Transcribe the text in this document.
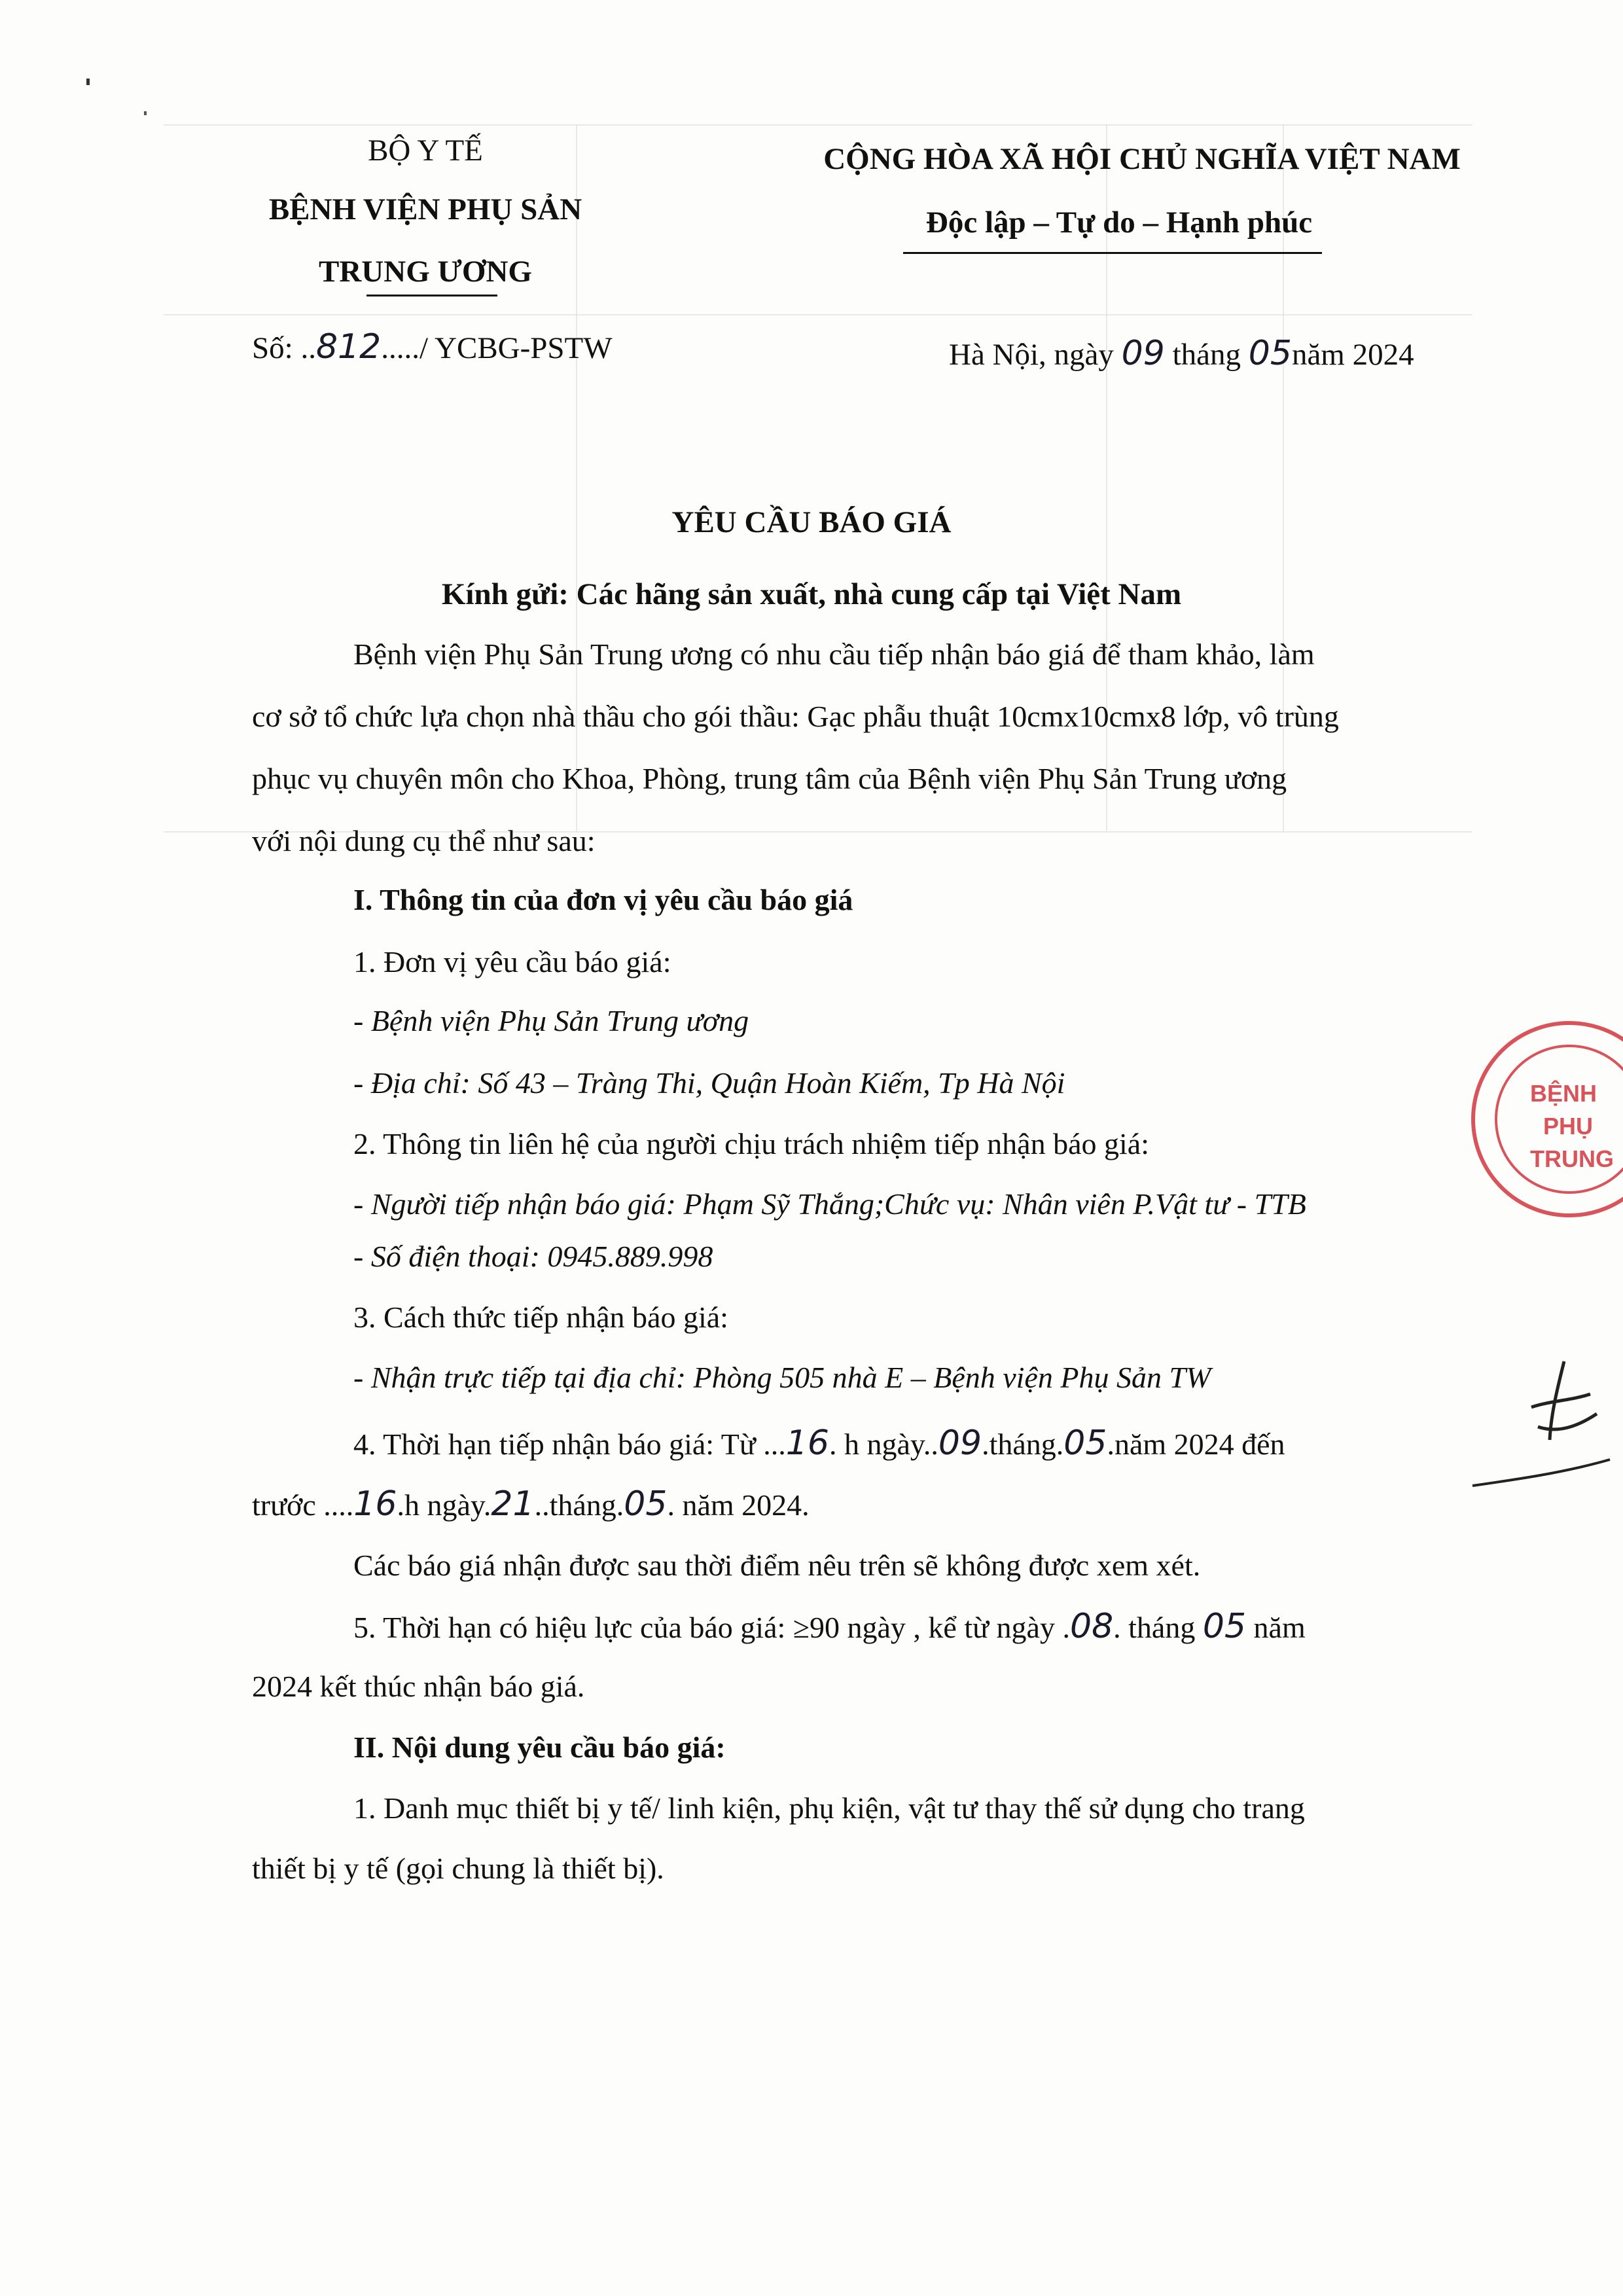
BỘ Y TẾ
BỆNH VIỆN PHỤ SẢN
TRUNG ƯƠNG
Số: ..812...../ YCBG-PSTW
CỘNG HÒA XÃ HỘI CHỦ NGHĨA VIỆT NAM
Độc lập – Tự do – Hạnh phúc
Hà Nội, ngày 09 tháng 05năm 2024
YÊU CẦU BÁO GIÁ
Kính gửi: Các hãng sản xuất, nhà cung cấp tại Việt Nam
Bệnh viện Phụ Sản Trung ương có nhu cầu tiếp nhận báo giá để tham khảo, làm
cơ sở tổ chức lựa chọn nhà thầu cho gói thầu: Gạc phẫu thuật 10cmx10cmx8 lớp, vô trùng
phục vụ chuyên môn cho Khoa, Phòng, trung tâm của Bệnh viện Phụ Sản Trung ương
với nội dung cụ thể như sau:
I. Thông tin của đơn vị yêu cầu báo giá
1. Đơn vị yêu cầu báo giá:
- Bệnh viện Phụ Sản Trung ương
- Địa chỉ: Số 43 – Tràng Thi, Quận Hoàn Kiếm, Tp Hà Nội
2. Thông tin liên hệ của người chịu trách nhiệm tiếp nhận báo giá:
- Người tiếp nhận báo giá: Phạm Sỹ Thắng;Chức vụ: Nhân viên P.Vật tư - TTB
- Số điện thoại: 0945.889.998
3. Cách thức tiếp nhận báo giá:
- Nhận trực tiếp tại địa chỉ: Phòng 505 nhà E – Bệnh viện Phụ Sản TW
4. Thời hạn tiếp nhận báo giá: Từ ...16. h ngày..09.tháng.05.năm 2024 đến
trước ....16.h ngày.21..tháng.05. năm 2024.
Các báo giá nhận được sau thời điểm nêu trên sẽ không được xem xét.
5. Thời hạn có hiệu lực của báo giá: ≥90 ngày , kể từ ngày .08. tháng 05 năm
2024 kết thúc nhận báo giá.
II. Nội dung yêu cầu báo giá:
1. Danh mục thiết bị y tế/ linh kiện, phụ kiện, vật tư thay thế sử dụng cho trang
thiết bị y tế (gọi chung là thiết bị).
BỆNH
PHỤ
TRUNG
